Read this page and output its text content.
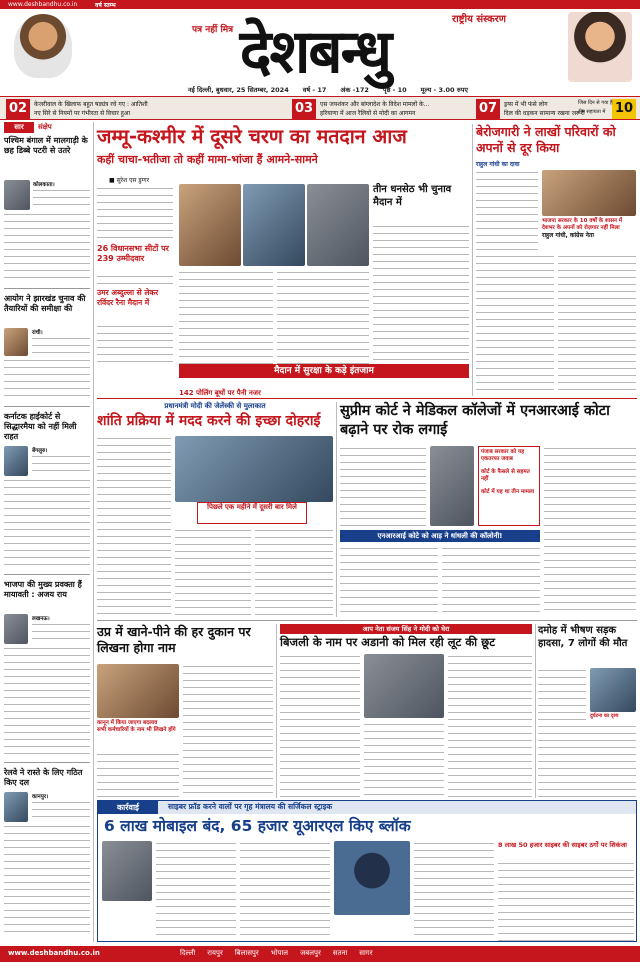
www.deshbandhu.co.in	वर्ष स्तम्भ
राष्ट्रीय संस्करण
पत्र नहीं मित्र देशबन्धु
नई दिल्ली, बुधवार, 25 सितम्बर, 2024 वर्ष - 17 अंक -172 पृष्ठ - 10 मूल्य - 3.00 रुपए
02	केजरीवाल के खिलाफ बहुत षड्यंत्र रचे गए : आतिशी
नए सिरे से नियमों पर गंभीरता से विचार हुआ	03	एस जयशंकर और बांग्लादेश के विदेश मामलों के...
हरियाणा में आज रैलियों से मोदी का आगमन	07	ड्रग्स में भी फंसे लोग
दिल की धड़कन सामान्य रखना जरूरी 10
जिस दिन से गया है
टीम सहायता में
सार	संक्षेप
पश्चिम बंगाल में मालगाड़ी के छह डिब्बे पटरी से उतरे
कोलकाता।
आयोग ने झारखंड चुनाव की तैयारियों की समीक्षा की
रांची।
कर्नाटक हाईकोर्ट से सिद्धारमैया को नहीं मिली राहत
बेंगलुरु।
भाजपा की मुख्य प्रवक्ता हैं मायावती : अजय राय
लखनऊ।
रेलवे ने रास्ते के लिए गठित किए दल
कानपुर।
जम्मू-कश्मीर में दूसरे चरण का मतदान आज
कहीं चाचा-भतीजा तो कहीं मामा-भांजा हैं आमने-सामने
■ सुरेश एस डुग्गर
26 विधानसभा सीटों पर 239 उम्मीदवार
उमर अब्दुल्ला से लेकर रविंदर रैना मैदान में
तीन धनसेठ भी चुनाव मैदान में
मैदान में सुरक्षा के कड़े इंतजाम
142 पोलिंग बूथों पर पैनी नजर
बेरोजगारी ने लाखों परिवारों को अपनों से दूर किया
राहुल गांधी का दावा
भाजपा सरकार के 10 वर्षों के शासन में देशभर के अपनों को रोज़गार नहीं मिला
राहुल गांधी, कांग्रेस नेता
प्रधानमंत्री मोदी की जेलेंस्की से मुलाकात
शांति प्रक्रिया में मदद करने की इच्छा दोहराई
पिछले एक महीने में दूसरी बार मिले
सुप्रीम कोर्ट ने मेडिकल कॉलेजों में एनआरआई कोटा बढ़ाने पर रोक लगाई
पंजाब सरकार को यह एकतरफा जवाब
कोर्ट के फैसले से सहमत नहीं
कोर्ट में यह था तीन मामला
एनआरआई कोटे को आड़ ने धांधली की कॉलोनी!
उप्र में खाने-पीने की हर दुकान पर लिखना होगा नाम
कानून में किया जाएगा बदलाव
सभी कर्मचारियों के नाम भी लिखने होंगे
आप नेता संजय सिंह ने मोदी को घेरा
बिजली के नाम पर अडानी को मिल रही लूट की छूट
दमोह में भीषण सड़क हादसा, 7 लोगों की मौत
दुर्घटना का दृश्य
कार्रवाई	साइबर फ्रॉड करने वालों पर गृह मंत्रालय की सर्जिकल स्ट्राइक
6 लाख मोबाइल बंद, 65 हजार यूआरएल किए ब्लॉक
8 लाख 50 हजार साइबर की साइबर ठगों पर शिकंजा
www.deshbandhu.co.in	दिल्ली रायपुर बिलासपुर भोपाल जबलपुर सतना सागर
